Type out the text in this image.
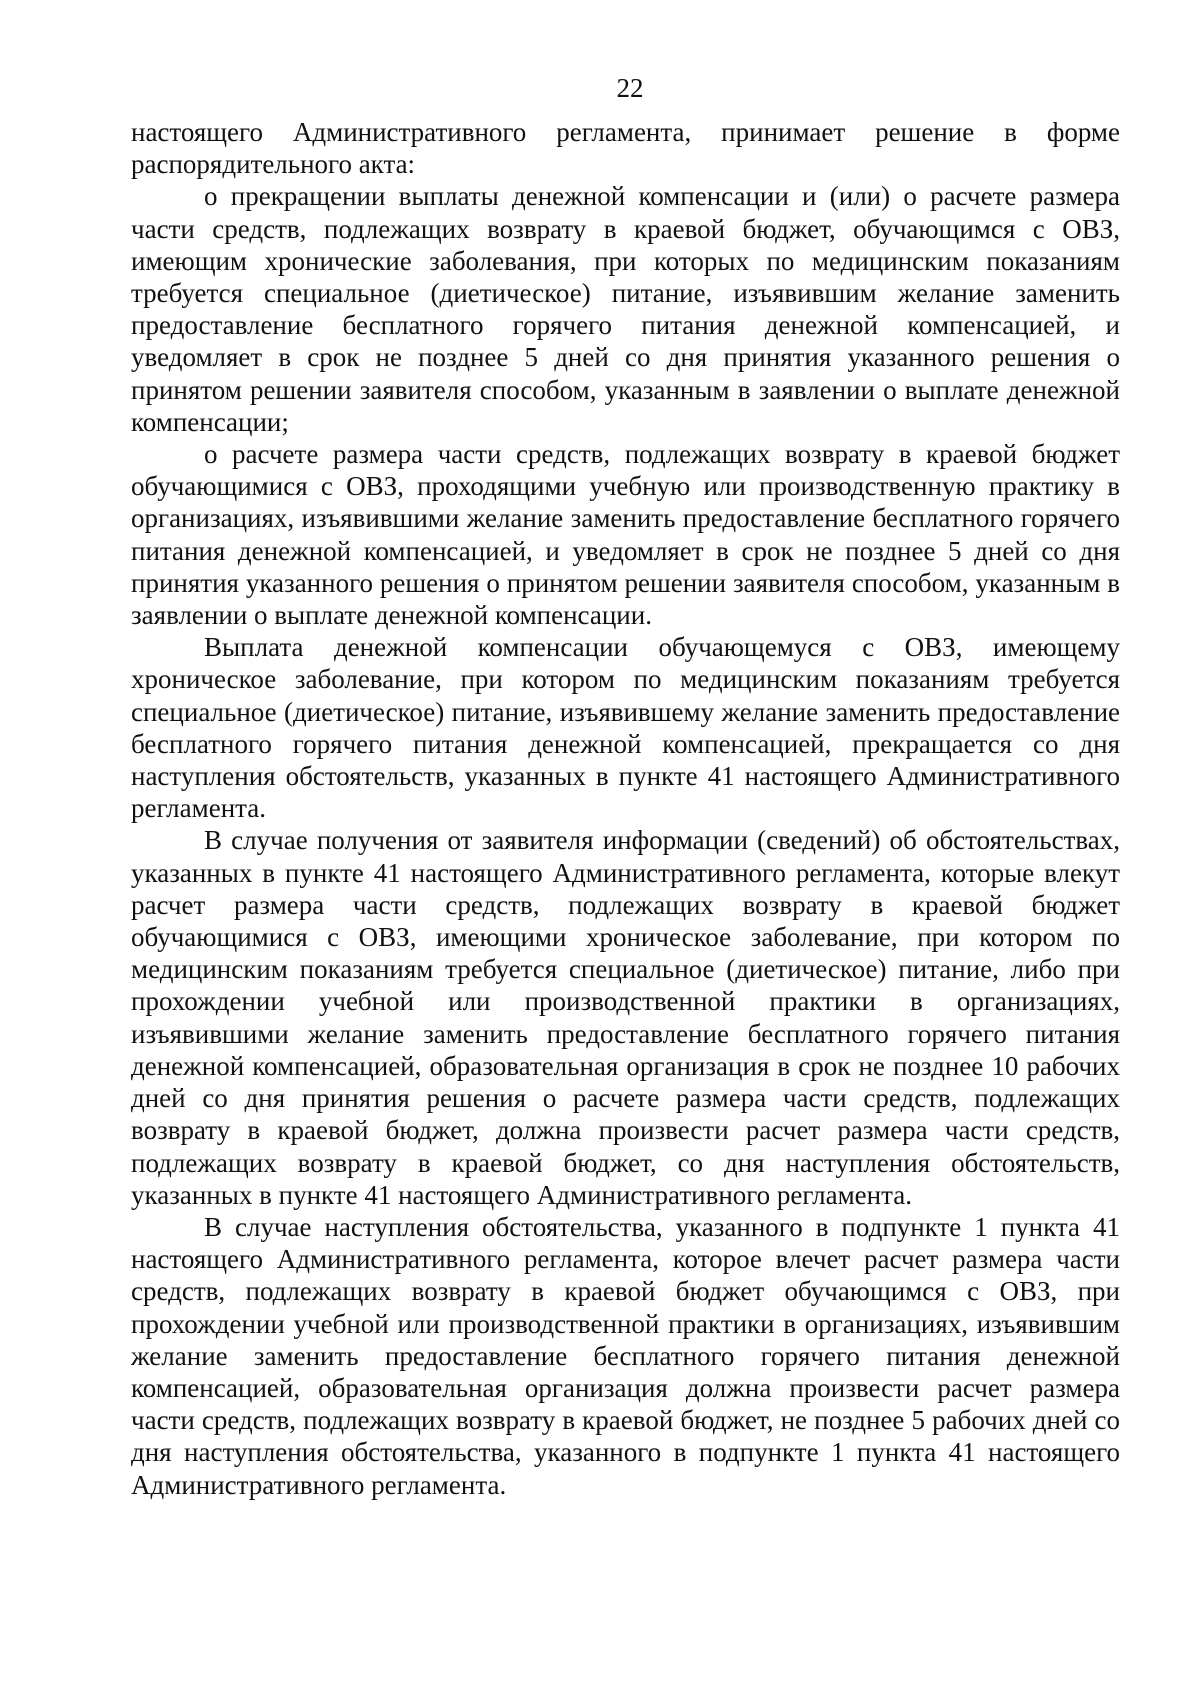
22

настоящего Административного регламента, принимает решение в форме распорядительного акта:

о прекращении выплаты денежной компенсации и (или) о расчете размера части средств, подлежащих возврату в краевой бюджет, обучающимся с ОВЗ, имеющим хронические заболевания, при которых по медицинским показаниям требуется специальное (диетическое) питание, изъявившим желание заменить предоставление бесплатного горячего питания денежной компенсацией, и уведомляет в срок не позднее 5 дней со дня принятия указанного решения о принятом решении заявителя способом, указанным в заявлении о выплате денежной компенсации;

о расчете размера части средств, подлежащих возврату в краевой бюджет обучающимися с ОВЗ, проходящими учебную или производственную практику в организациях, изъявившими желание заменить предоставление бесплатного горячего питания денежной компенсацией, и уведомляет в срок не позднее 5 дней со дня принятия указанного решения о принятом решении заявителя способом, указанным в заявлении о выплате денежной компенсации.

Выплата денежной компенсации обучающемуся с ОВЗ, имеющему хроническое заболевание, при котором по медицинским показаниям требуется специальное (диетическое) питание, изъявившему желание заменить предоставление бесплатного горячего питания денежной компенсацией, прекращается со дня наступления обстоятельств, указанных в пункте 41 настоящего Административного регламента.

В случае получения от заявителя информации (сведений) об обстоятельствах, указанных в пункте 41 настоящего Административного регламента, которые влекут расчет размера части средств, подлежащих возврату в краевой бюджет обучающимися с ОВЗ, имеющими хроническое заболевание, при котором по медицинским показаниям требуется специальное (диетическое) питание, либо при прохождении учебной или производственной практики в организациях, изъявившими желание заменить предоставление бесплатного горячего питания денежной компенсацией, образовательная организация в срок не позднее 10 рабочих дней со дня принятия решения о расчете размера части средств, подлежащих возврату в краевой бюджет, должна произвести расчет размера части средств, подлежащих возврату в краевой бюджет, со дня наступления обстоятельств, указанных в пункте 41 настоящего Административного регламента.

В случае наступления обстоятельства, указанного в подпункте 1 пункта 41 настоящего Административного регламента, которое влечет расчет размера части средств, подлежащих возврату в краевой бюджет обучающимся с ОВЗ, при прохождении учебной или производственной практики в организациях, изъявившим желание заменить предоставление бесплатного горячего питания денежной компенсацией, образовательная организация должна произвести расчет размера части средств, подлежащих возврату в краевой бюджет, не позднее 5 рабочих дней со дня наступления обстоятельства, указанного в подпункте 1 пункта 41 настоящего Административного регламента.
